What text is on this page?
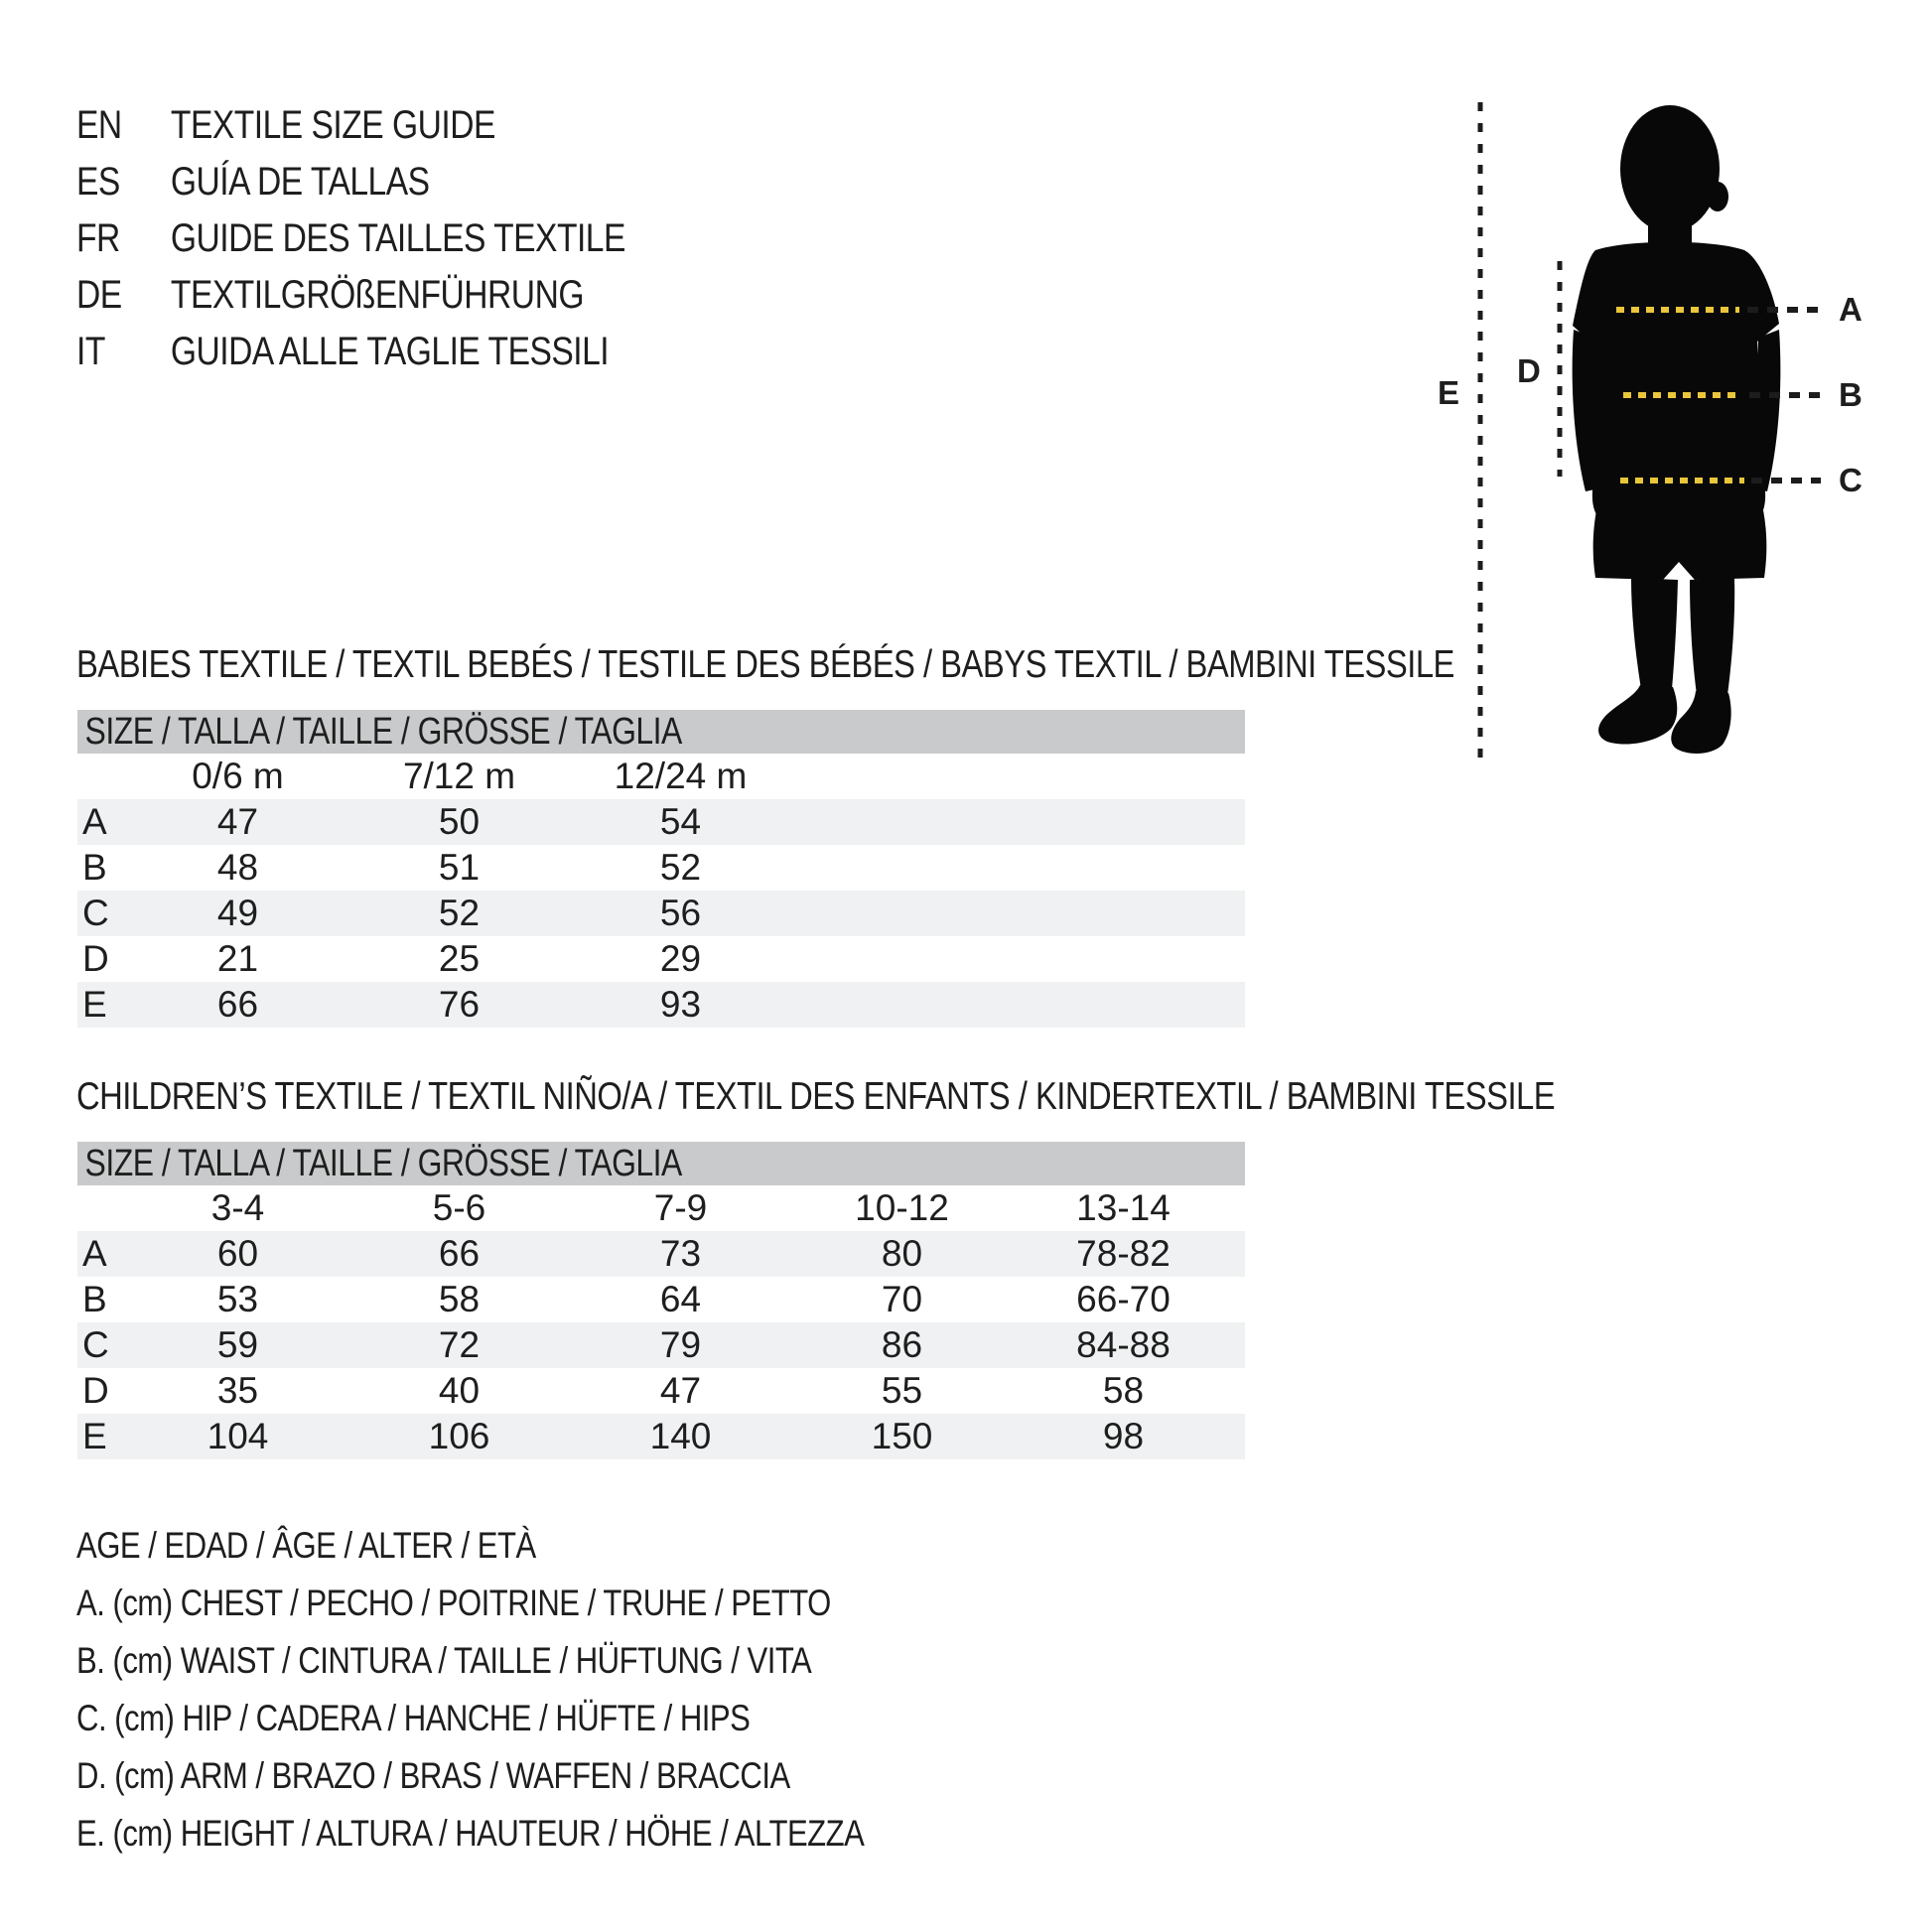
EN	TEXTILE SIZE GUIDE
ES	GUÍA DE TALLAS
FR	GUIDE DES TAILLES TEXTILE
DE	TEXTILGRÖßENFÜHRUNG
IT	GUIDA ALLE TAGLIE TESSILI
A
B
C
D
E
BABIES TEXTILE / TEXTIL BEBÉS / TESTILE DES BÉBÉS / BABYS TEXTIL / BAMBINI TESSILE
SIZE / TALLA / TAILLE / GRÖSSE / TAGLIA				
	0/6 m	7/12 m	12/24 m	
A	47	50	54	
B	48	51	52	
C	49	52	56	
D	21	25	29	
E	66	76	93	
CHILDREN’S TEXTILE / TEXTIL NIÑO/A / TEXTIL DES ENFANTS / KINDERTEXTIL / BAMBINI TESSILE
SIZE / TALLA / TAILLE / GRÖSSE / TAGLIA						
	3-4	5-6	7-9	10-12	13-14	
A	60	66	73	80	78-82	
B	53	58	64	70	66-70	
C	59	72	79	86	84-88	
D	35	40	47	55	58	
E	104	106	140	150	98	
AGE / EDAD / ÂGE / ALTER / ETÀ
A. (cm) CHEST / PECHO / POITRINE / TRUHE / PETTO
B. (cm) WAIST / CINTURA / TAILLE / HÜFTUNG / VITA
C. (cm) HIP / CADERA / HANCHE / HÜFTE / HIPS
D. (cm) ARM / BRAZO / BRAS / WAFFEN / BRACCIA
E. (cm) HEIGHT / ALTURA / HAUTEUR / HÖHE / ALTEZZA
